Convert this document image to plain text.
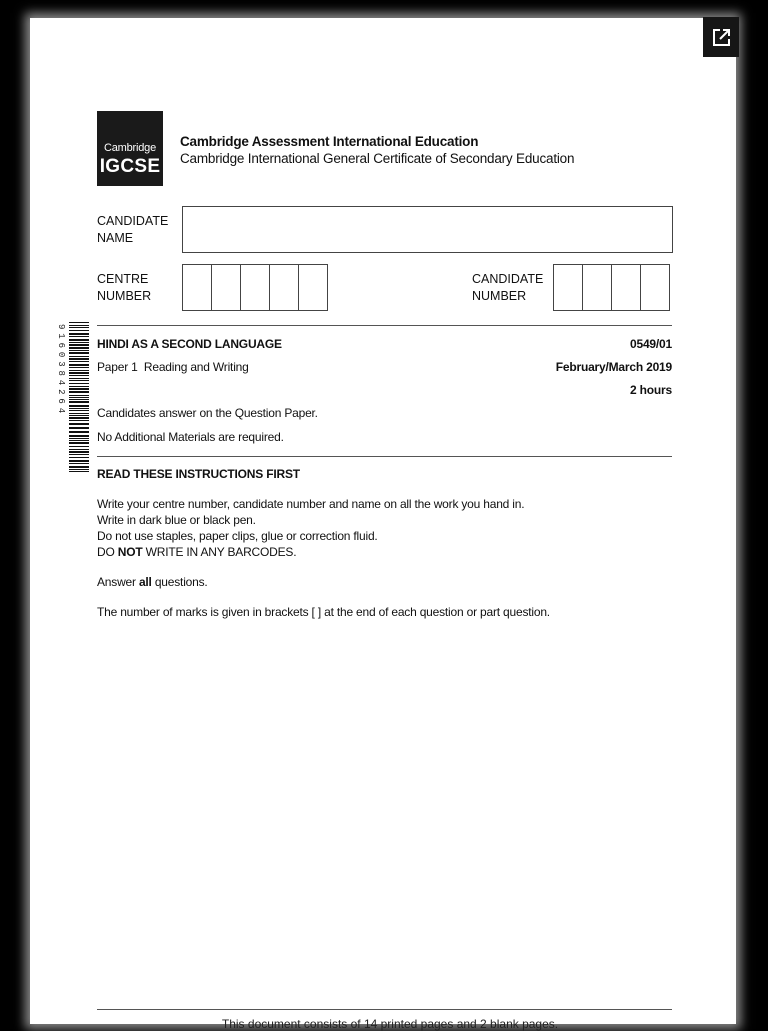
Cambridge
IGCSE
Cambridge Assessment International Education
Cambridge International General Certificate of Secondary Education
CANDIDATE
NAME
CENTRE
NUMBER
CANDIDATE
NUMBER
9160384264	HINDI AS A SECOND LANGUAGE	0549/01
Paper 1  Reading and Writing	February/March 2019
2 hours
Candidates answer on the Question Paper.
No Additional Materials are required.
READ THESE INSTRUCTIONS FIRST
Write your centre number, candidate number and name on all the work you hand in.
Write in dark blue or black pen.
Do not use staples, paper clips, glue or correction fluid.
DO NOT WRITE IN ANY BARCODES.
Answer all questions.
The number of marks is given in brackets [ ] at the end of each question or part question.
This document consists of 14 printed pages and 2 blank pages.
